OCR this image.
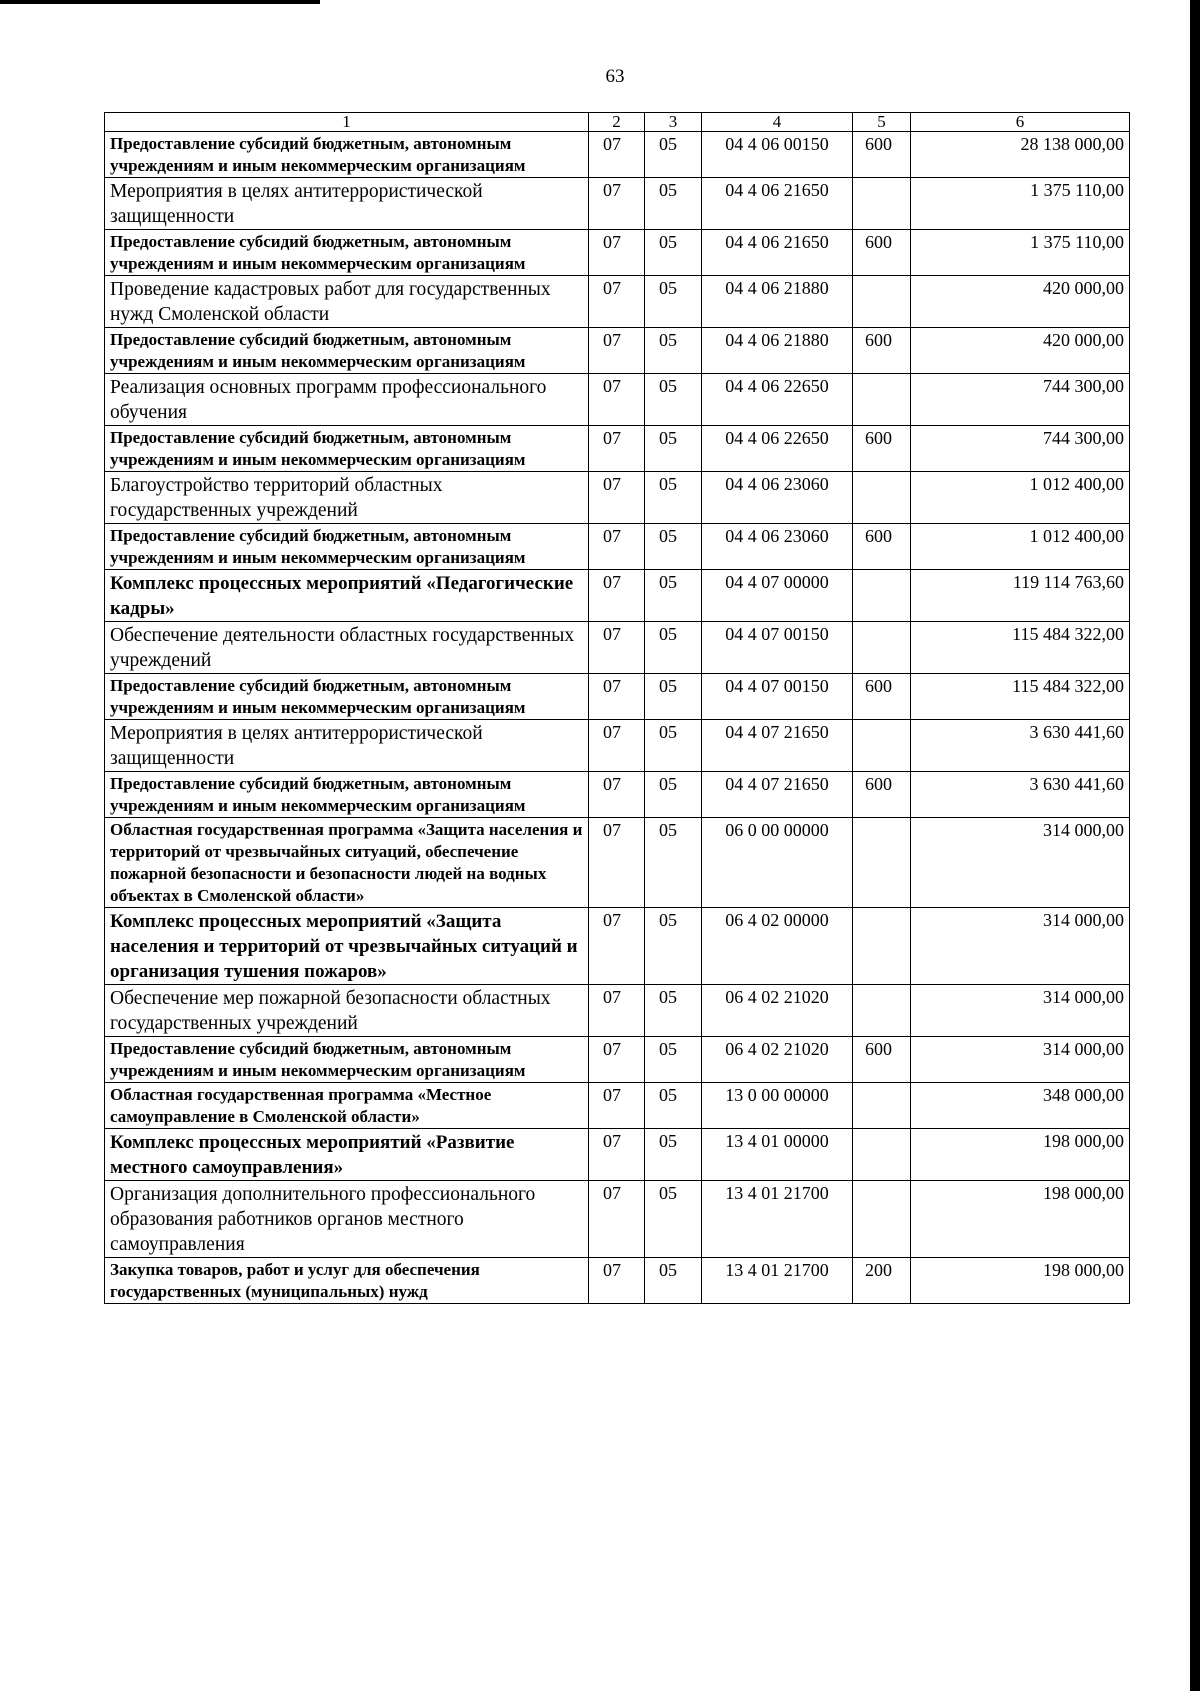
63
1	2	3	4	5	6
Предоставление субсидий бюджетным, автономным учреждениям и иным некоммерческим организациям	07	05	04 4 06 00150	600	28 138 000,00
Мероприятия в целях антитеррористической защищенности	07	05	04 4 06 21650		1 375 110,00
Предоставление субсидий бюджетным, автономным учреждениям и иным некоммерческим организациям	07	05	04 4 06 21650	600	1 375 110,00
Проведение кадастровых работ для государственных нужд Смоленской области	07	05	04 4 06 21880		420 000,00
Предоставление субсидий бюджетным, автономным учреждениям и иным некоммерческим организациям	07	05	04 4 06 21880	600	420 000,00
Реализация основных программ профессионального обучения	07	05	04 4 06 22650		744 300,00
Предоставление субсидий бюджетным, автономным учреждениям и иным некоммерческим организациям	07	05	04 4 06 22650	600	744 300,00
Благоустройство территорий областных государственных учреждений	07	05	04 4 06 23060		1 012 400,00
Предоставление субсидий бюджетным, автономным учреждениям и иным некоммерческим организациям	07	05	04 4 06 23060	600	1 012 400,00
Комплекс процессных мероприятий «Педагогические кадры»	07	05	04 4 07 00000		119 114 763,60
Обеспечение деятельности областных государственных учреждений	07	05	04 4 07 00150		115 484 322,00
Предоставление субсидий бюджетным, автономным учреждениям и иным некоммерческим организациям	07	05	04 4 07 00150	600	115 484 322,00
Мероприятия в целях антитеррористической защищенности	07	05	04 4 07 21650		3 630 441,60
Предоставление субсидий бюджетным, автономным учреждениям и иным некоммерческим организациям	07	05	04 4 07 21650	600	3 630 441,60
Областная государственная программа «Защита населения и территорий от чрезвычайных ситуаций, обеспечение пожарной безопасности и безопасности людей на водных объектах в Смоленской области»	07	05	06 0 00 00000		314 000,00
Комплекс процессных мероприятий «Защита населения и территорий от чрезвычайных ситуаций и организация тушения пожаров»	07	05	06 4 02 00000		314 000,00
Обеспечение мер пожарной безопасности областных государственных учреждений	07	05	06 4 02 21020		314 000,00
Предоставление субсидий бюджетным, автономным учреждениям и иным некоммерческим организациям	07	05	06 4 02 21020	600	314 000,00
Областная государственная программа «Местное самоуправление в Смоленской области»	07	05	13 0 00 00000		348 000,00
Комплекс процессных мероприятий «Развитие местного самоуправления»	07	05	13 4 01 00000		198 000,00
Организация дополнительного профессионального образования работников органов местного самоуправления	07	05	13 4 01 21700		198 000,00
Закупка товаров, работ и услуг для обеспечения государственных (муниципальных) нужд	07	05	13 4 01 21700	200	198 000,00
